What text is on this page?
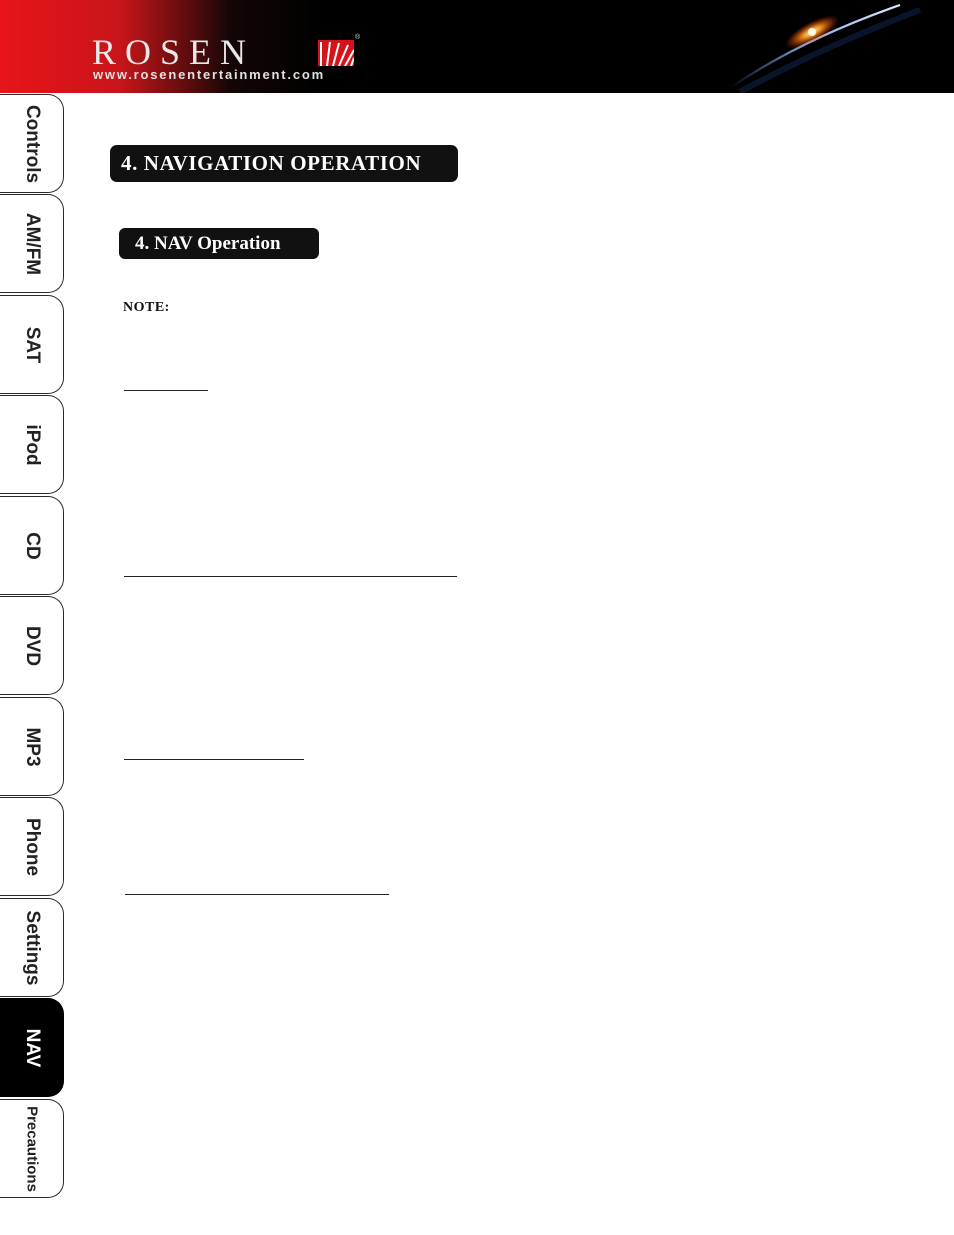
ROSEN	®
www.rosenentertainment.com
Controls
AM/FM
SAT
iPod
CD
DVD
MP3
Phone
Settings
NAV
Precautions
4. NAVIGATION OPERATION
4. NAV Operation
NOTE:
